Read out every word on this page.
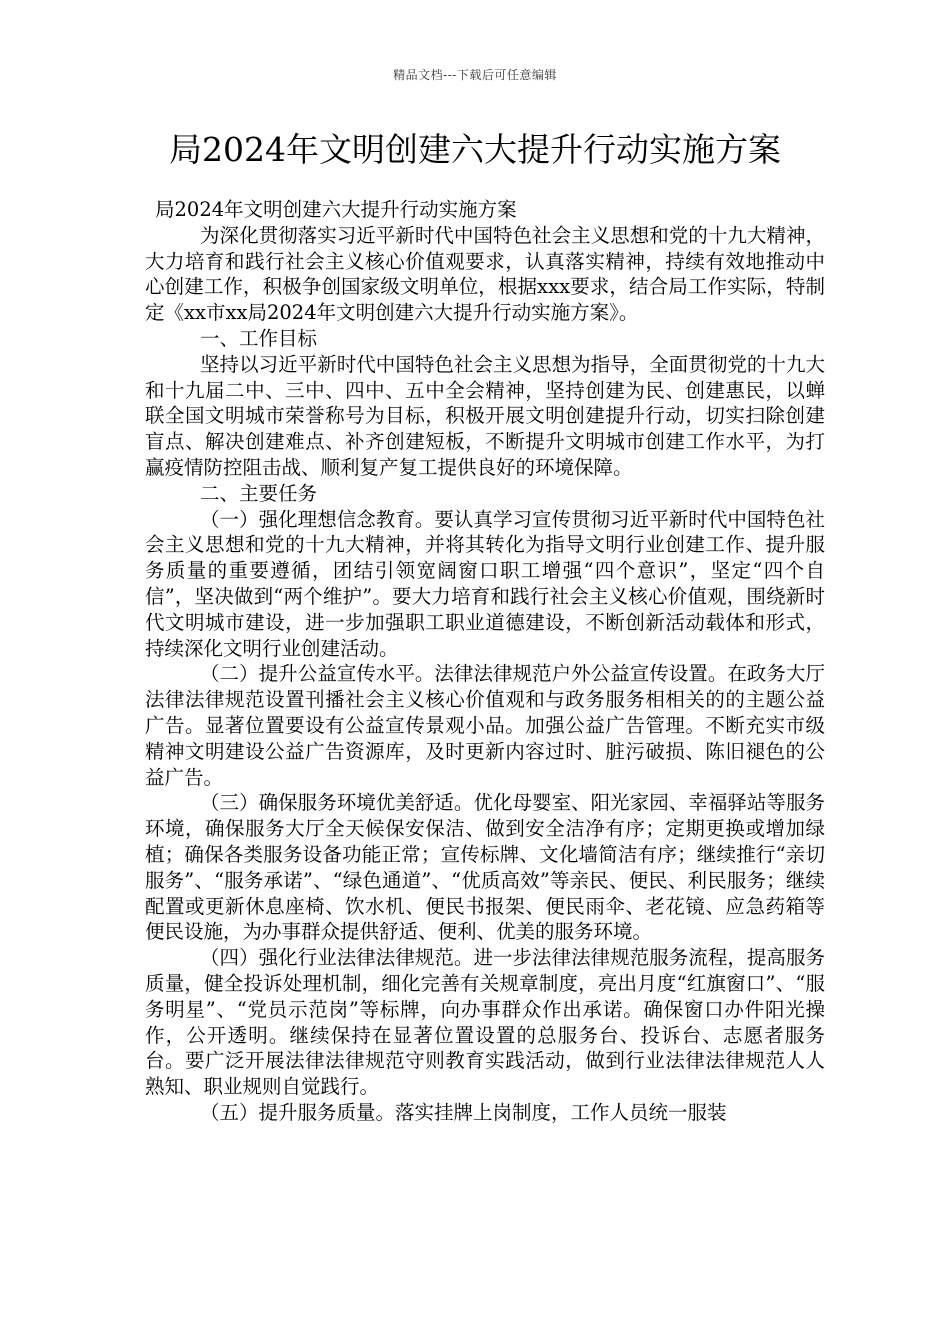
精品文档---下载后可任意编辑
局2024年文明创建六大提升行动实施方案

局2024年文明创建六大提升行动实施方案

为深化贯彻落实习近平新时代中国特色社会主义思想和党的十九大精神，大力培育和践行社会主义核心价值观要求，认真落实精神，持续有效地推动中心创建工作，积极争创国家级文明单位，根据xxx要求，结合局工作实际，特制定《xx市xx局2024年文明创建六大提升行动实施方案》。

一、工作目标

坚持以习近平新时代中国特色社会主义思想为指导，全面贯彻党的十九大和十九届二中、三中、四中、五中全会精神，坚持创建为民、创建惠民，以蝉联全国文明城市荣誉称号为目标，积极开展文明创建提升行动，切实扫除创建盲点、解决创建难点、补齐创建短板，不断提升文明城市创建工作水平，为打赢疫情防控阻击战、顺利复产复工提供良好的环境保障。

二、主要任务

（一）强化理想信念教育。要认真学习宣传贯彻习近平新时代中国特色社会主义思想和党的十九大精神，并将其转化为指导文明行业创建工作、提升服务质量的重要遵循，团结引领宽阔窗口职工增强“四个意识”，坚定“四个自信”，坚决做到“两个维护”。要大力培育和践行社会主义核心价值观，围绕新时代文明城市建设，进一步加强职工职业道德建设，不断创新活动载体和形式，持续深化文明行业创建活动。

（二）提升公益宣传水平。法律法律规范户外公益宣传设置。在政务大厅法律法律规范设置刊播社会主义核心价值观和与政务服务相相关的的主题公益广告。显著位置要设有公益宣传景观小品。加强公益广告管理。不断充实市级精神文明建设公益广告资源库，及时更新内容过时、脏污破损、陈旧褪色的公益广告。

（三）确保服务环境优美舒适。优化母婴室、阳光家园、幸福驿站等服务环境，确保服务大厅全天候保安保洁、做到安全洁净有序；定期更换或增加绿植；确保各类服务设备功能正常；宣传标牌、文化墙简洁有序；继续推行“亲切服务”、“服务承诺”、“绿色通道”、“优质高效”等亲民、便民、利民服务；继续配置或更新休息座椅、饮水机、便民书报架、便民雨伞、老花镜、应急药箱等便民设施，为办事群众提供舒适、便利、优美的服务环境。

（四）强化行业法律法律规范。进一步法律法律规范服务流程，提高服务质量，健全投诉处理机制，细化完善有关规章制度，亮出月度“红旗窗口”、“服务明星”、“党员示范岗”等标牌，向办事群众作出承诺。确保窗口办件阳光操作，公开透明。继续保持在显著位置设置的总服务台、投诉台、志愿者服务台。要广泛开展法律法律规范守则教育实践活动，做到行业法律法律规范人人熟知、职业规则自觉践行。

（五）提升服务质量。落实挂牌上岗制度，工作人员统一服装
